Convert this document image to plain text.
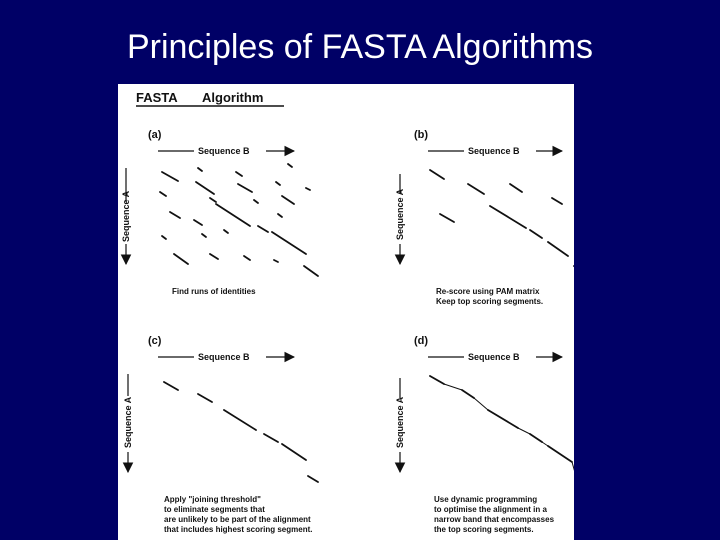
Principles of FASTA Algorithms
FASTA Algorithm
(a)
Sequence B
Sequence A
Find runs of identities
(b)
Sequence B
Sequence A
Re-score using PAM matrix
Keep top scoring segments.
(c)
Sequence B
Sequence A
Apply "joining threshold"
to eliminate segments that
are unlikely to be part of the alignment
that includes highest scoring segment.
(d)
Sequence B
Sequence A
Use dynamic programming
to optimise the alignment in a
narrow band that encompasses
the top scoring segments.
